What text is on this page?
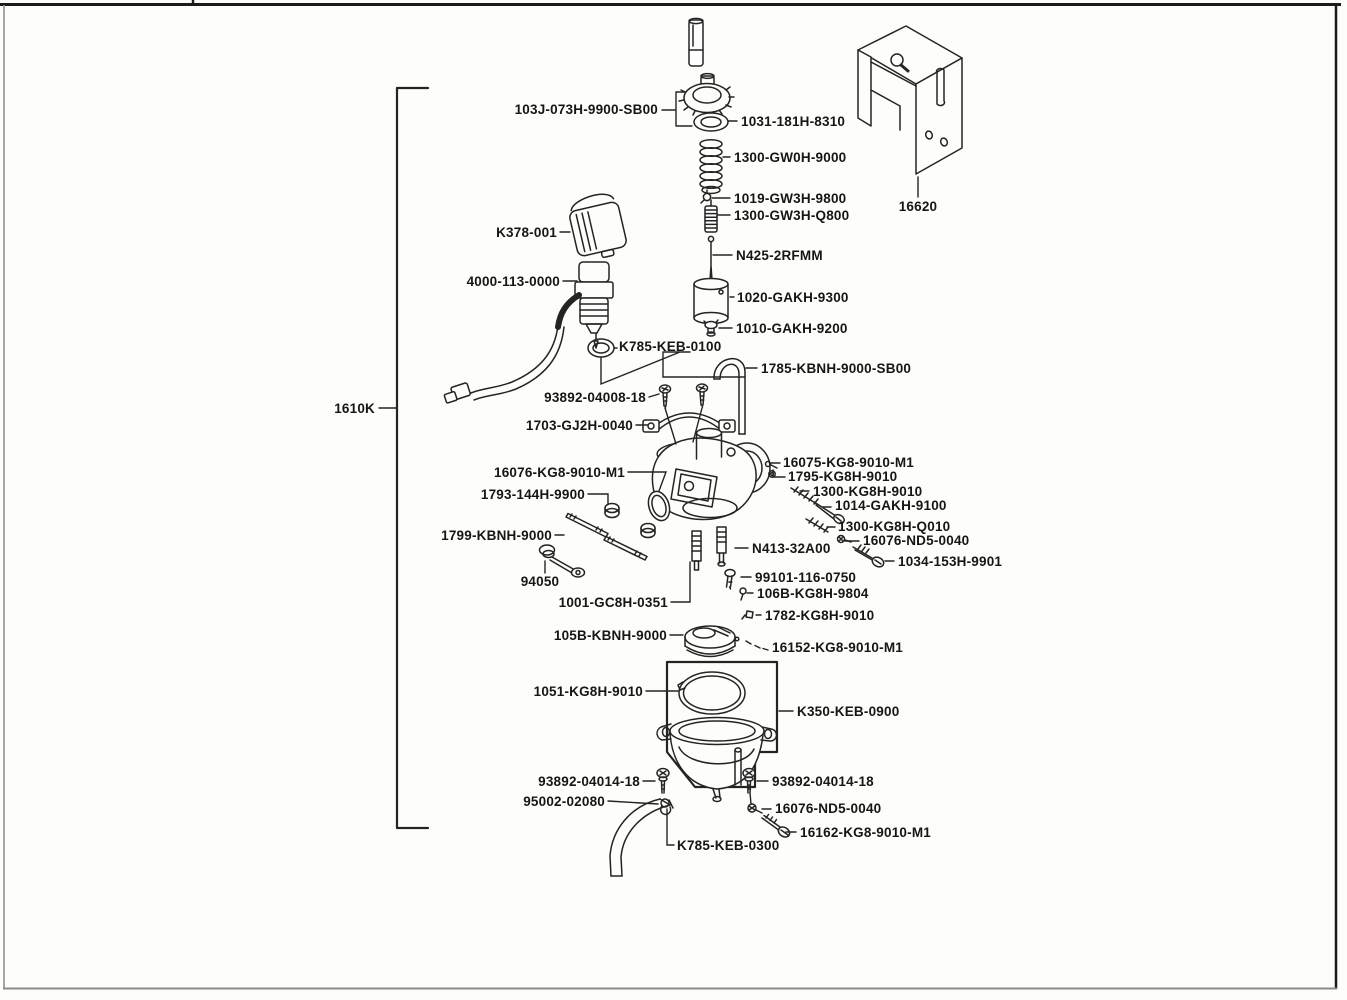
103J-073H-9900-SB00
1031-181H-8310
1300-GW0H-9000
1019-GW3H-9800
1300-GW3H-Q800
K378-001
N425-2RFMM
4000-113-0000
1020-GAKH-9300
1010-GAKH-9200
K785-KEB-0100
1785-KBNH-9000-SB00
93892-04008-18
1703-GJ2H-0040
16076-KG8-9010-M1
16075-KG8-9010-M1
1795-KG8H-9010
1300-KG8H-9010
1014-GAKH-9100
1793-144H-9900
1300-KG8H-Q010
1799-KBNH-9000
N413-32A00
16076-ND5-0040
1034-153H-9901
94050	99101-116-0750
106B-KG8H-9804
1001-GC8H-0351
1782-KG8H-9010
105B-KBNH-9000
16152-KG8-9010-M1
1051-KG8H-9010
K350-KEB-0900
93892-04014-18	93892-04014-18
95002-02080	16076-ND5-0040
K785-KEB-0300
16162-KG8-9010-M1
1610K
16620
